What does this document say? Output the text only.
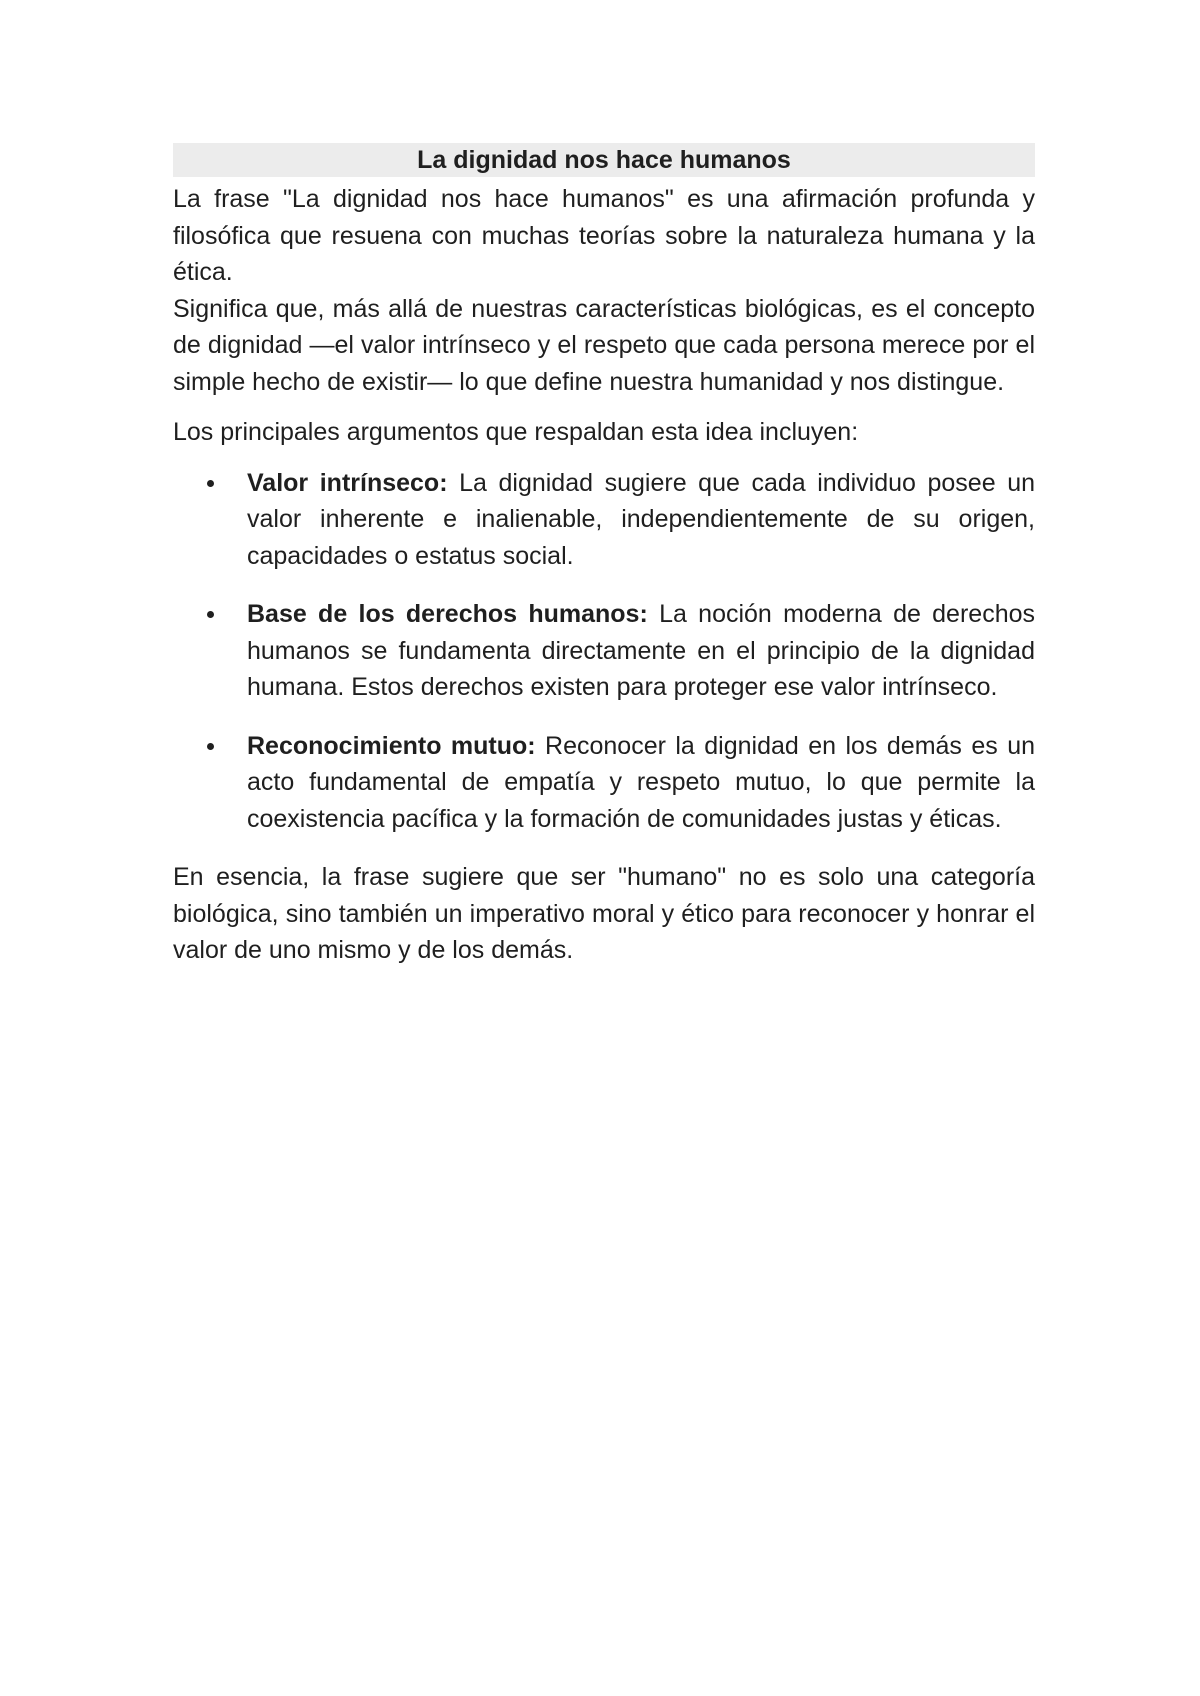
La dignidad nos hace humanos

La frase "La dignidad nos hace humanos" es una afirmación profunda y filosófica que resuena con muchas teorías sobre la naturaleza humana y la ética.

Significa que, más allá de nuestras características biológicas, es el concepto de dignidad —el valor intrínseco y el respeto que cada persona merece por el simple hecho de existir— lo que define nuestra humanidad y nos distingue.

Los principales argumentos que respaldan esta idea incluyen:

Valor intrínseco: La dignidad sugiere que cada individuo posee un valor inherente e inalienable, independientemente de su origen, capacidades o estatus social.
Base de los derechos humanos: La noción moderna de derechos humanos se fundamenta directamente en el principio de la dignidad humana. Estos derechos existen para proteger ese valor intrínseco.
Reconocimiento mutuo: Reconocer la dignidad en los demás es un acto fundamental de empatía y respeto mutuo, lo que permite la coexistencia pacífica y la formación de comunidades justas y éticas.

En esencia, la frase sugiere que ser "humano" no es solo una categoría biológica, sino también un imperativo moral y ético para reconocer y honrar el valor de uno mismo y de los demás.
